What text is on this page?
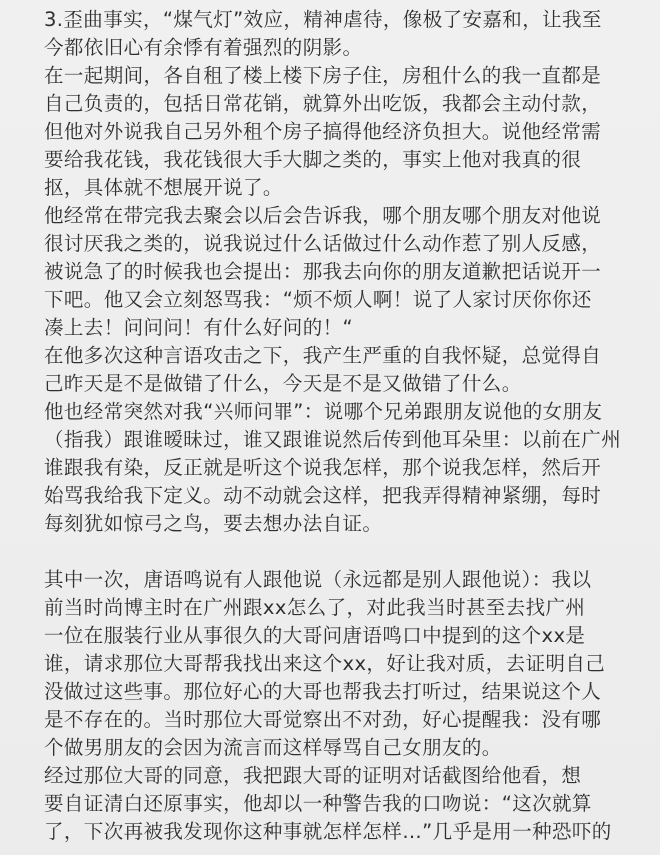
3.歪曲事实，“煤气灯”效应，精神虐待，像极了安嘉和，让我至
今都依旧心有余悸有着强烈的阴影。
在一起期间，各自租了楼上楼下房子住，房租什么的我一直都是
自己负责的，包括日常花销，就算外出吃饭，我都会主动付款，
但他对外说我自己另外租个房子搞得他经济负担大。说他经常需
要给我花钱，我花钱很大手大脚之类的，事实上他对我真的很
抠，具体就不想展开说了。
他经常在带完我去聚会以后会告诉我，哪个朋友哪个朋友对他说
很讨厌我之类的，说我说过什么话做过什么动作惹了别人反感，
被说急了的时候我也会提出：那我去向你的朋友道歉把话说开一
下吧。他又会立刻怒骂我：“烦不烦人啊！说了人家讨厌你你还
凑上去！问问问！有什么好问的！“
在他多次这种言语攻击之下，我产生严重的自我怀疑，总觉得自
己昨天是不是做错了什么，今天是不是又做错了什么。
他也经常突然对我“兴师问罪”：说哪个兄弟跟朋友说他的女朋友
（指我）跟谁暧昧过，谁又跟谁说然后传到他耳朵里：以前在广州
谁跟我有染，反正就是听这个说我怎样，那个说我怎样，然后开
始骂我给我下定义。动不动就会这样，把我弄得精神紧绷，每时
每刻犹如惊弓之鸟，要去想办法自证。
其中一次，唐语鸣说有人跟他说（永远都是别人跟他说）：我以
前当时尚博主时在广州跟xx怎么了，对此我当时甚至去找广州
一位在服装行业从事很久的大哥问唐语鸣口中提到的这个xx是
谁，请求那位大哥帮我找出来这个xx，好让我对质，去证明自己
没做过这些事。那位好心的大哥也帮我去打听过，结果说这个人
是不存在的。当时那位大哥觉察出不对劲，好心提醒我：没有哪
个做男朋友的会因为流言而这样辱骂自己女朋友的。
经过那位大哥的同意，我把跟大哥的证明对话截图给他看，想
要自证清白还原事实，他却以一种警告我的口吻说：“这次就算
了，下次再被我发现你这种事就怎样怎样…”几乎是用一种恐吓的
